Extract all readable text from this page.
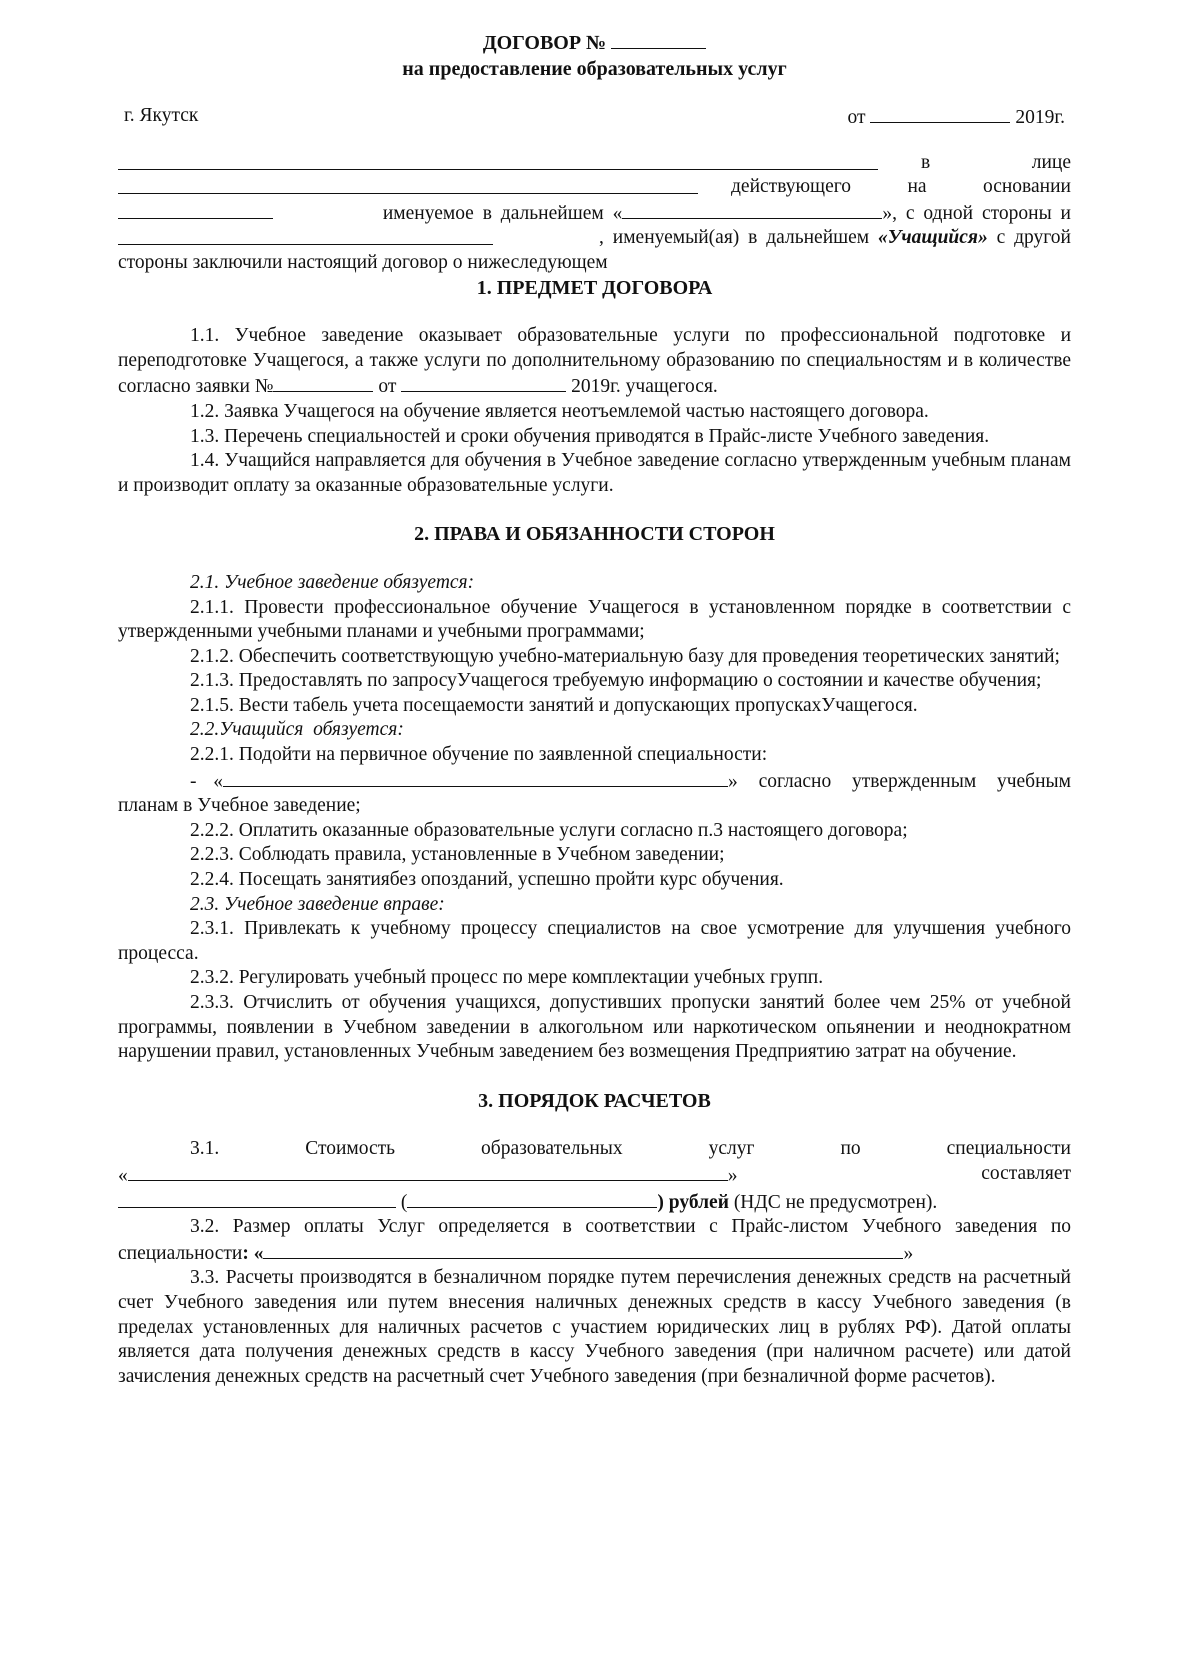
ДОГОВОР №
на предоставление образовательных услуг
г. Якутск	от	2019г.
в	лице
действующего	на	основании
именуемое в дальнейшем «	», с одной стороны и
, именуемый(ая) в дальнейшем «Учащийся» с другой

стороны заключили настоящий договор о нижеследующем

1. ПРЕДМЕТ ДОГОВОРА

1.1. Учебное заведение оказывает образовательные услуги по профессиональной подготовке и переподготовке Учащегося, а также услуги по дополнительному образованию по специальностям и в количестве согласно заявки №	от	2019г. учащегося.

1.2. Заявка Учащегося на обучение является неотъемлемой частью настоящего договора.

1.3. Перечень специальностей и сроки обучения приводятся в Прайс-листе Учебного заведения.

1.4. Учащийся направляется для обучения в Учебное заведение согласно утвержденным учебным планам и производит оплату за оказанные образовательные услуги.

2. ПРАВА И ОБЯЗАННОСТИ СТОРОН

2.1. Учебное заведение обязуется:

2.1.1. Провести профессиональное обучение Учащегося в установленном порядке в соответствии с утвержденными учебными планами и учебными программами;

2.1.2. Обеспечить соответствующую учебно-материальную базу для проведения теоретических занятий;

2.1.3. Предоставлять по запросуУчащегося требуемую информацию о состоянии и качестве обучения;

2.1.5. Вести табель учета посещаемости занятий и допускающих пропускахУчащегося.

2.2.Учащийся  обязуется:

2.2.1. Подойти на первичное обучение по заявленной специальности:

- «	» согласно утвержденным учебным планам в Учебное заведение;

2.2.2. Оплатить оказанные образовательные услуги согласно п.3 настоящего договора;

2.2.3. Соблюдать правила, установленные в Учебном заведении;

2.2.4. Посещать занятиябез опозданий, успешно пройти курс обучения.

2.3. Учебное заведение вправе:

2.3.1. Привлекать к учебному процессу специалистов на свое усмотрение для улучшения учебного процесса.

2.3.2. Регулировать учебный процесс по мере комплектации учебных групп.

2.3.3. Отчислить от обучения учащихся, допустивших пропуски занятий более чем 25% от учебной программы, появлении в Учебном заведении в алкогольном или наркотическом опьянении и неоднократном нарушении правил, установленных Учебным заведением без возмещения Предприятию затрат на обучение.

3. ПОРЯДОК РАСЧЕТОВ
3.1.	Стоимость	образовательных	услуг	по	специальности
«	»	составляет
(	) рублей (НДС не предусмотрен).

3.2. Размер оплаты Услуг определяется в соответствии с Прайс-листом Учебного заведения по специальности: «	»

3.3. Расчеты производятся в безналичном порядке путем перечисления денежных средств на расчетный счет Учебного заведения или путем внесения наличных денежных средств в кассу Учебного заведения (в пределах установленных для наличных расчетов с участием юридических лиц в рублях РФ). Датой оплаты является дата получения денежных средств в кассу Учебного заведения (при наличном расчете) или датой зачисления денежных средств на расчетный счет Учебного заведения (при безналичной форме расчетов).
